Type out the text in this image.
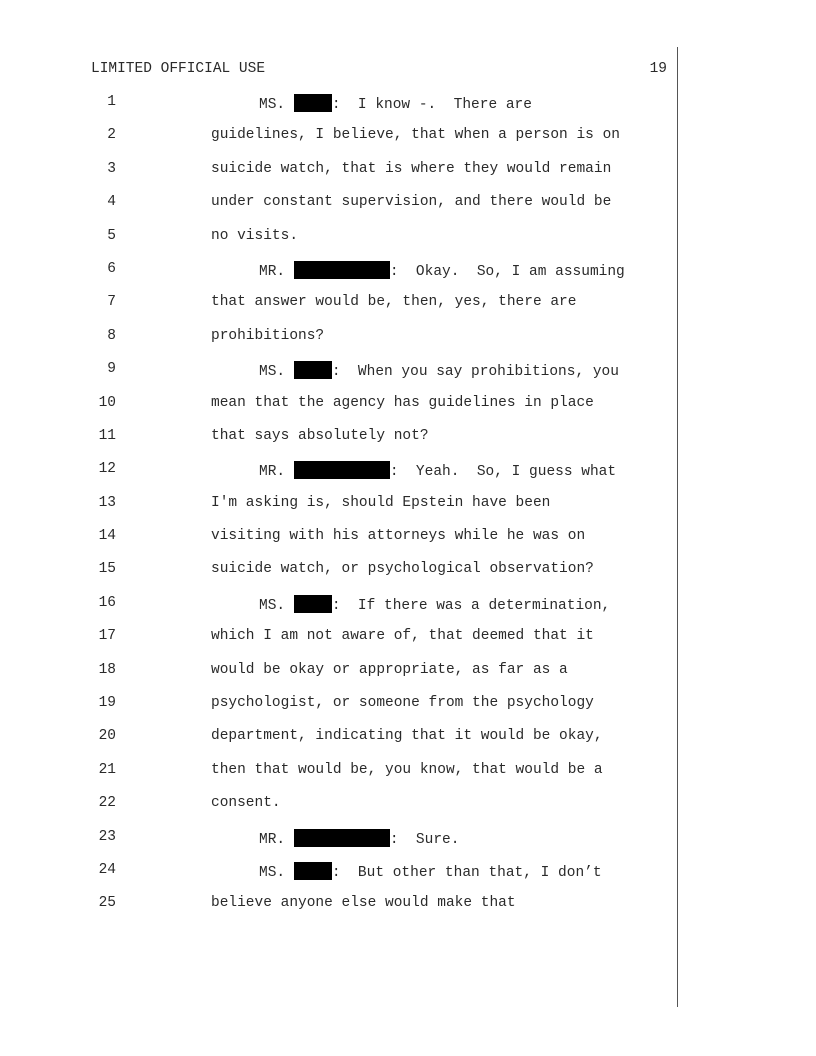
LIMITED OFFICIAL USE	19
1	MS.	:  I know -.  There are
2	guidelines, I believe, that when a person is on
3	suicide watch, that is where they would remain
4	under constant supervision, and there would be
5	no visits.
6	MR.	:  Okay.  So, I am assuming
7	that answer would be, then, yes, there are
8	prohibitions?
9	MS.	:  When you say prohibitions, you
10	mean that the agency has guidelines in place
11	that says absolutely not?
12	MR.	:  Yeah.  So, I guess what
13	I'm asking is, should Epstein have been
14	visiting with his attorneys while he was on
15	suicide watch, or psychological observation?
16	MS.	:  If there was a determination,
17	which I am not aware of, that deemed that it
18	would be okay or appropriate, as far as a
19	psychologist, or someone from the psychology
20	department, indicating that it would be okay,
21	then that would be, you know, that would be a
22	consent.
23	MR.	:  Sure.
24	MS.	:  But other than that, I don’t
25	believe anyone else would make that
